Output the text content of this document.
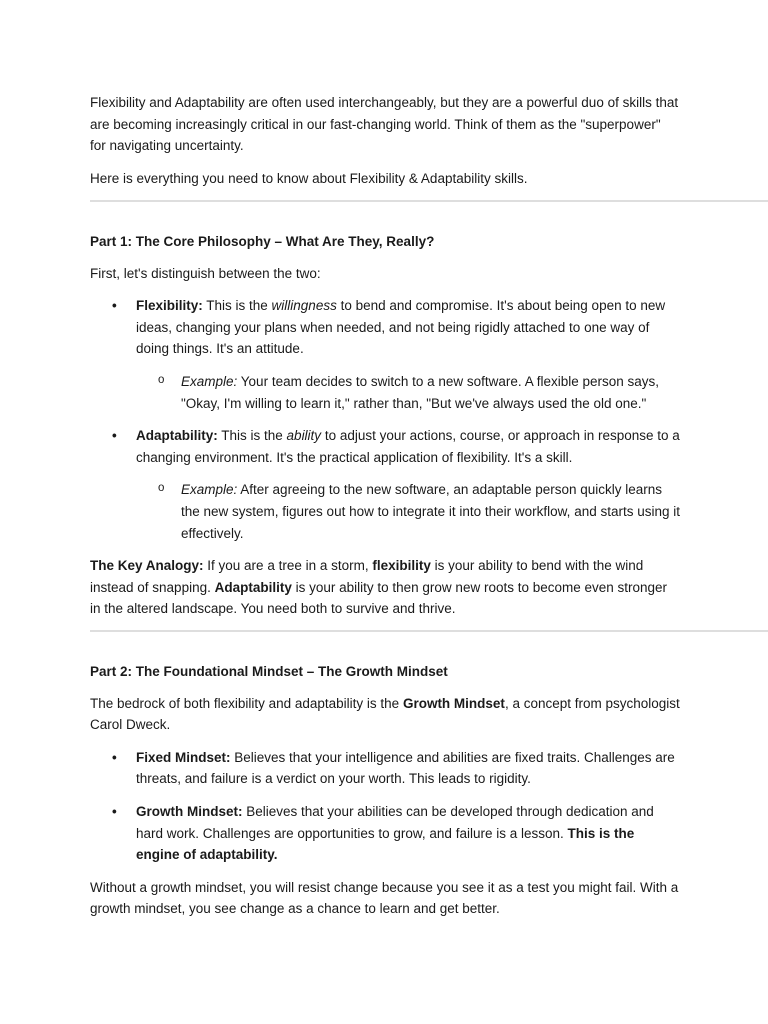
Flexibility and Adaptability are often used interchangeably, but they are a powerful duo of skills that are becoming increasingly critical in our fast-changing world. Think of them as the "superpower" for navigating uncertainty.

Here is everything you need to know about Flexibility & Adaptability skills.

Part 1: The Core Philosophy – What Are They, Really?

First, let's distinguish between the two:

• Flexibility: This is the willingness to bend and compromise. It's about being open to new ideas, changing your plans when needed, and not being rigidly attached to one way of doing things. It's an attitude.
o Example: Your team decides to switch to a new software. A flexible person says, "Okay, I'm willing to learn it," rather than, "But we've always used the old one."
• Adaptability: This is the ability to adjust your actions, course, or approach in response to a changing environment. It's the practical application of flexibility. It's a skill.
o Example: After agreeing to the new software, an adaptable person quickly learns the new system, figures out how to integrate it into their workflow, and starts using it effectively.

The Key Analogy: If you are a tree in a storm, flexibility is your ability to bend with the wind instead of snapping. Adaptability is your ability to then grow new roots to become even stronger in the altered landscape. You need both to survive and thrive.

Part 2: The Foundational Mindset – The Growth Mindset

The bedrock of both flexibility and adaptability is the Growth Mindset, a concept from psychologist Carol Dweck.

• Fixed Mindset: Believes that your intelligence and abilities are fixed traits. Challenges are threats, and failure is a verdict on your worth. This leads to rigidity.
• Growth Mindset: Believes that your abilities can be developed through dedication and hard work. Challenges are opportunities to grow, and failure is a lesson. This is the engine of adaptability.

Without a growth mindset, you will resist change because you see it as a test you might fail. With a growth mindset, you see change as a chance to learn and get better.
